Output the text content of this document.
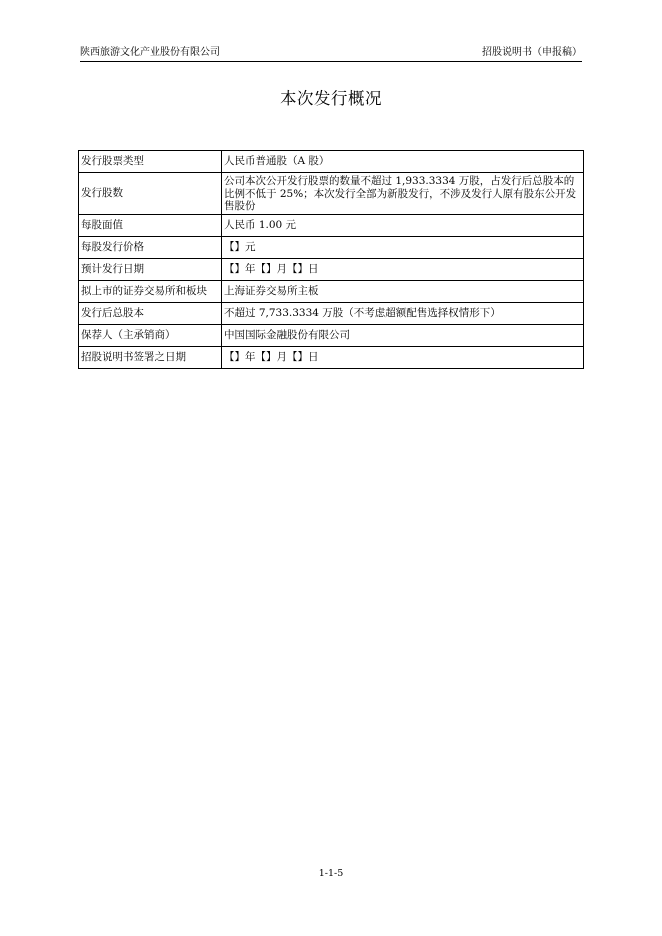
陕西旅游文化产业股份有限公司	招股说明书（申报稿）
本次发行概况
发行股票类型	人民币普通股（A 股）
发行股数	公司本次公开发行股票的数量不超过 1,933.3334 万股，占发行后总股本的比例不低于 25%；本次发行全部为新股发行，不涉及发行人原有股东公开发售股份
每股面值	人民币 1.00 元
每股发行价格	【】元
预计发行日期	【】年【】月【】日
拟上市的证券交易所和板块	上海证券交易所主板
发行后总股本	不超过 7,733.3334 万股（不考虑超额配售选择权情形下）
保荐人（主承销商）	中国国际金融股份有限公司
招股说明书签署之日期	【】年【】月【】日
1-1-5
